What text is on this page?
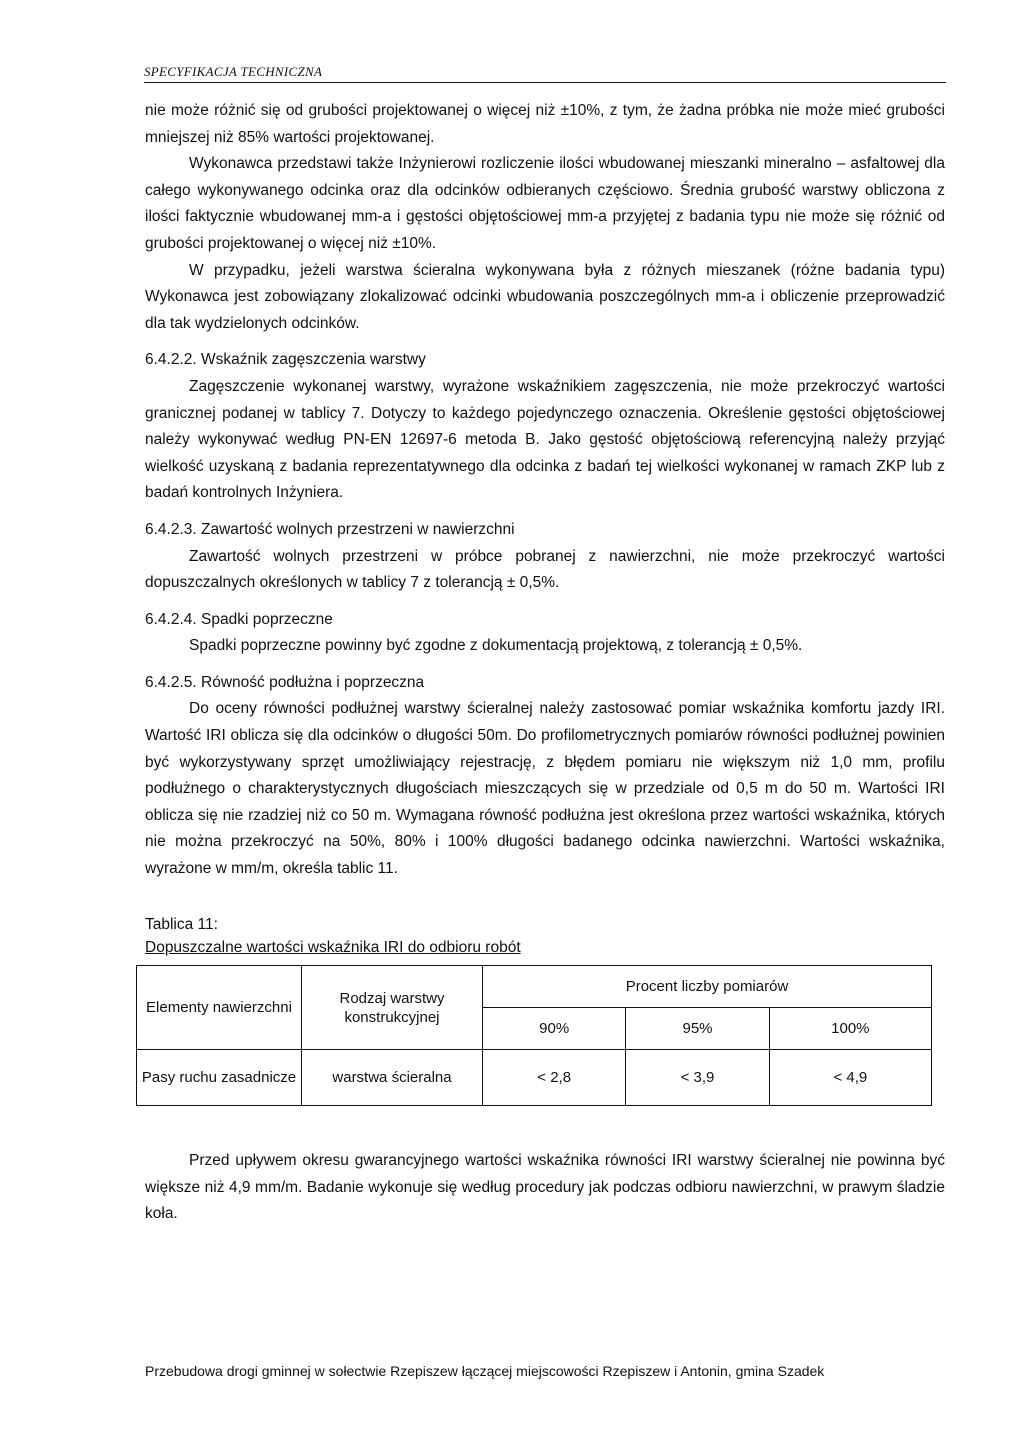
SPECYFIKACJA TECHNICZNA

nie może różnić się od grubości projektowanej o więcej niż ±10%, z tym, że żadna próbka nie może mieć grubości mniejszej niż 85% wartości projektowanej.

Wykonawca przedstawi także Inżynierowi rozliczenie ilości wbudowanej mieszanki mineralno – asfaltowej dla całego wykonywanego odcinka oraz dla odcinków odbieranych częściowo. Średnia grubość warstwy obliczona z ilości faktycznie wbudowanej mm-a i gęstości objętościowej mm-a przyjętej z badania typu nie może się różnić od grubości projektowanej o więcej niż ±10%.

W przypadku, jeżeli warstwa ścieralna wykonywana była z różnych mieszanek (różne badania typu) Wykonawca jest zobowiązany zlokalizować odcinki wbudowania poszczególnych mm-a i obliczenie przeprowadzić dla tak wydzielonych odcinków.

6.4.2.2. Wskaźnik zagęszczenia warstwy

Zagęszczenie wykonanej warstwy, wyrażone wskaźnikiem zagęszczenia, nie może przekroczyć wartości granicznej podanej w tablicy 7. Dotyczy to każdego pojedynczego oznaczenia. Określenie gęstości objętościowej należy wykonywać według PN-EN 12697-6 metoda B. Jako gęstość objętościową referencyjną należy przyjąć wielkość uzyskaną z badania reprezentatywnego dla odcinka z badań tej wielkości wykonanej w ramach ZKP lub z badań kontrolnych Inżyniera.

6.4.2.3. Zawartość wolnych przestrzeni w nawierzchni

Zawartość wolnych przestrzeni w próbce pobranej z nawierzchni, nie może przekroczyć wartości dopuszczalnych określonych w tablicy 7 z tolerancją ± 0,5%.

6.4.2.4. Spadki poprzeczne

Spadki poprzeczne powinny być zgodne z dokumentacją projektową, z tolerancją ± 0,5%.

6.4.2.5. Równość podłużna i poprzeczna

Do oceny równości podłużnej warstwy ścieralnej należy zastosować pomiar wskaźnika komfortu jazdy IRI. Wartość IRI oblicza się dla odcinków o długości 50m. Do profilometrycznych pomiarów równości podłużnej powinien być wykorzystywany sprzęt umożliwiający rejestrację, z błędem pomiaru nie większym niż 1,0 mm, profilu podłużnego o charakterystycznych długościach mieszczących się w przedziale od 0,5 m do 50 m. Wartości IRI oblicza się nie rzadziej niż co 50 m. Wymagana równość podłużna jest określona przez wartości wskaźnika, których nie można przekroczyć na 50%, 80% i 100% długości badanego odcinka nawierzchni. Wartości wskaźnika, wyrażone w mm/m, określa tablic 11.

Tablica 11:

Dopuszczalne wartości wskaźnika IRI do odbioru robót
Elementy nawierzchni	Rodzaj warstwy konstrukcyjnej	Procent liczby pomiarów		
		90%	95%	100%
Pasy ruchu zasadnicze	warstwa ścieralna	< 2,8	< 3,9	< 4,9

Przed upływem okresu gwarancyjnego wartości wskaźnika równości IRI warstwy ścieralnej nie powinna być większe niż 4,9 mm/m. Badanie wykonuje się według procedury jak podczas odbioru nawierzchni, w prawym śladzie koła.

Przebudowa drogi gminnej w sołectwie Rzepiszew łączącej miejscowości Rzepiszew i Antonin, gmina Szadek
